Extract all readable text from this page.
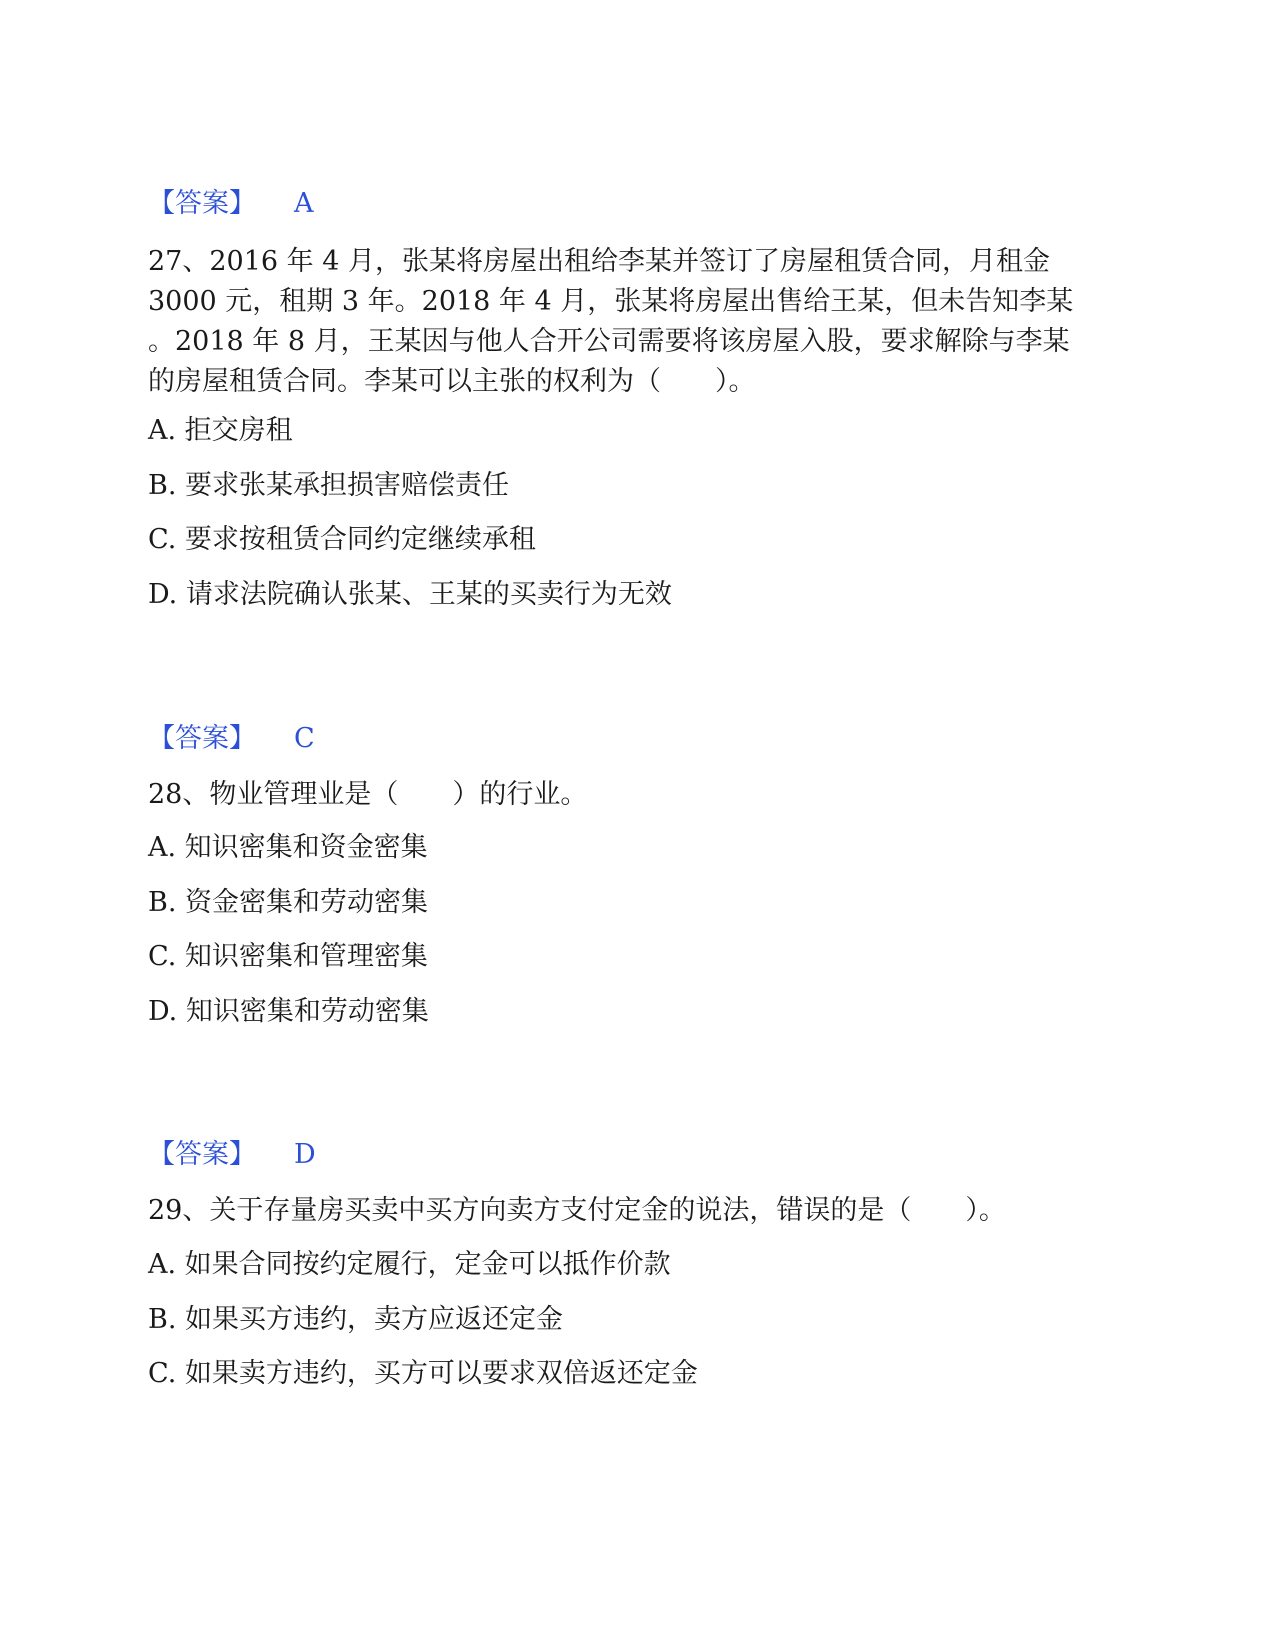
【答案】 A
27、2016 年 4 月，张某将房屋出租给李某并签订了房屋租赁合同，月租金
3000 元，租期 3 年。2018 年 4 月，张某将房屋出售给王某，但未告知李某
。2018 年 8 月，王某因与他人合开公司需要将该房屋入股，要求解除与李某
的房屋租赁合同。李某可以主张的权利为（　　）。
A. 拒交房租
B. 要求张某承担损害赔偿责任
C. 要求按租赁合同约定继续承租
D. 请求法院确认张某、王某的买卖行为无效
【答案】 C
28、物业管理业是（　　）的行业。
A. 知识密集和资金密集
B. 资金密集和劳动密集
C. 知识密集和管理密集
D. 知识密集和劳动密集
【答案】 D
29、关于存量房买卖中买方向卖方支付定金的说法，错误的是（　　）。
A. 如果合同按约定履行，定金可以抵作价款
B. 如果买方违约，卖方应返还定金
C. 如果卖方违约，买方可以要求双倍返还定金
